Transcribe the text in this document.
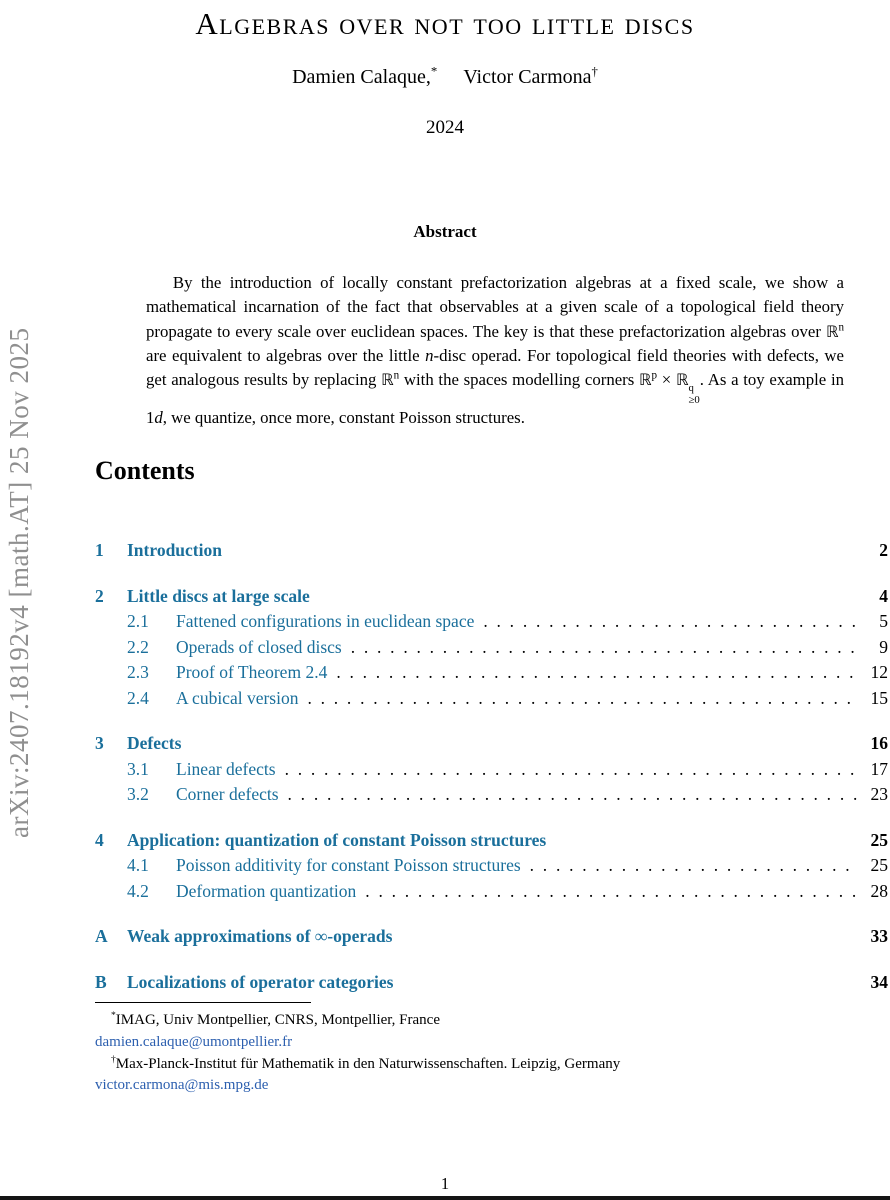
arXiv:2407.18192v4 [math.AT] 25 Nov 2025
Algebras over not too little discs
Damien Calaque,* Victor Carmona†
2024
Abstract

By the introduction of locally constant prefactorization algebras at a fixed scale, we show a mathematical incarnation of the fact that observables at a given scale of a topological field theory propagate to every scale over euclidean spaces. The key is that these prefactorization algebras over ℝ$^n$ are equivalent to algebras over the little n-disc operad. For topological field theories with defects, we get analogous results by replacing ℝ$^n$ with the spaces modelling corners ℝ$^p$ × ℝ q
≥0
. As a toy example in 1d, we quantize, once more, constant Poisson structures.

Contents
1	Introduction	2
2	Little discs at large scale	4
2.1	Fattened configurations in euclidean space . . .	5
2.2	Operads of closed discs . . .	9
2.3	Proof of Theorem 2.4 . . .	12
2.4	A cubical version . . .	15
3	Defects	16
3.1	Linear defects . . .	17
3.2	Corner defects . . .	23
4	Application: quantization of constant Poisson structures	25
4.1	Poisson additivity for constant Poisson structures . . .	25
4.2	Deformation quantization . . .	28
A	Weak approximations of ∞-operads	33
B	Localizations of operator categories	34
*IMAG, Univ Montpellier, CNRS, Montpellier, France
damien.calaque@umontpellier.fr
†Max-Planck-Institut für Mathematik in den Naturwissenschaften. Leipzig, Germany
victor.carmona@mis.mpg.de
1
